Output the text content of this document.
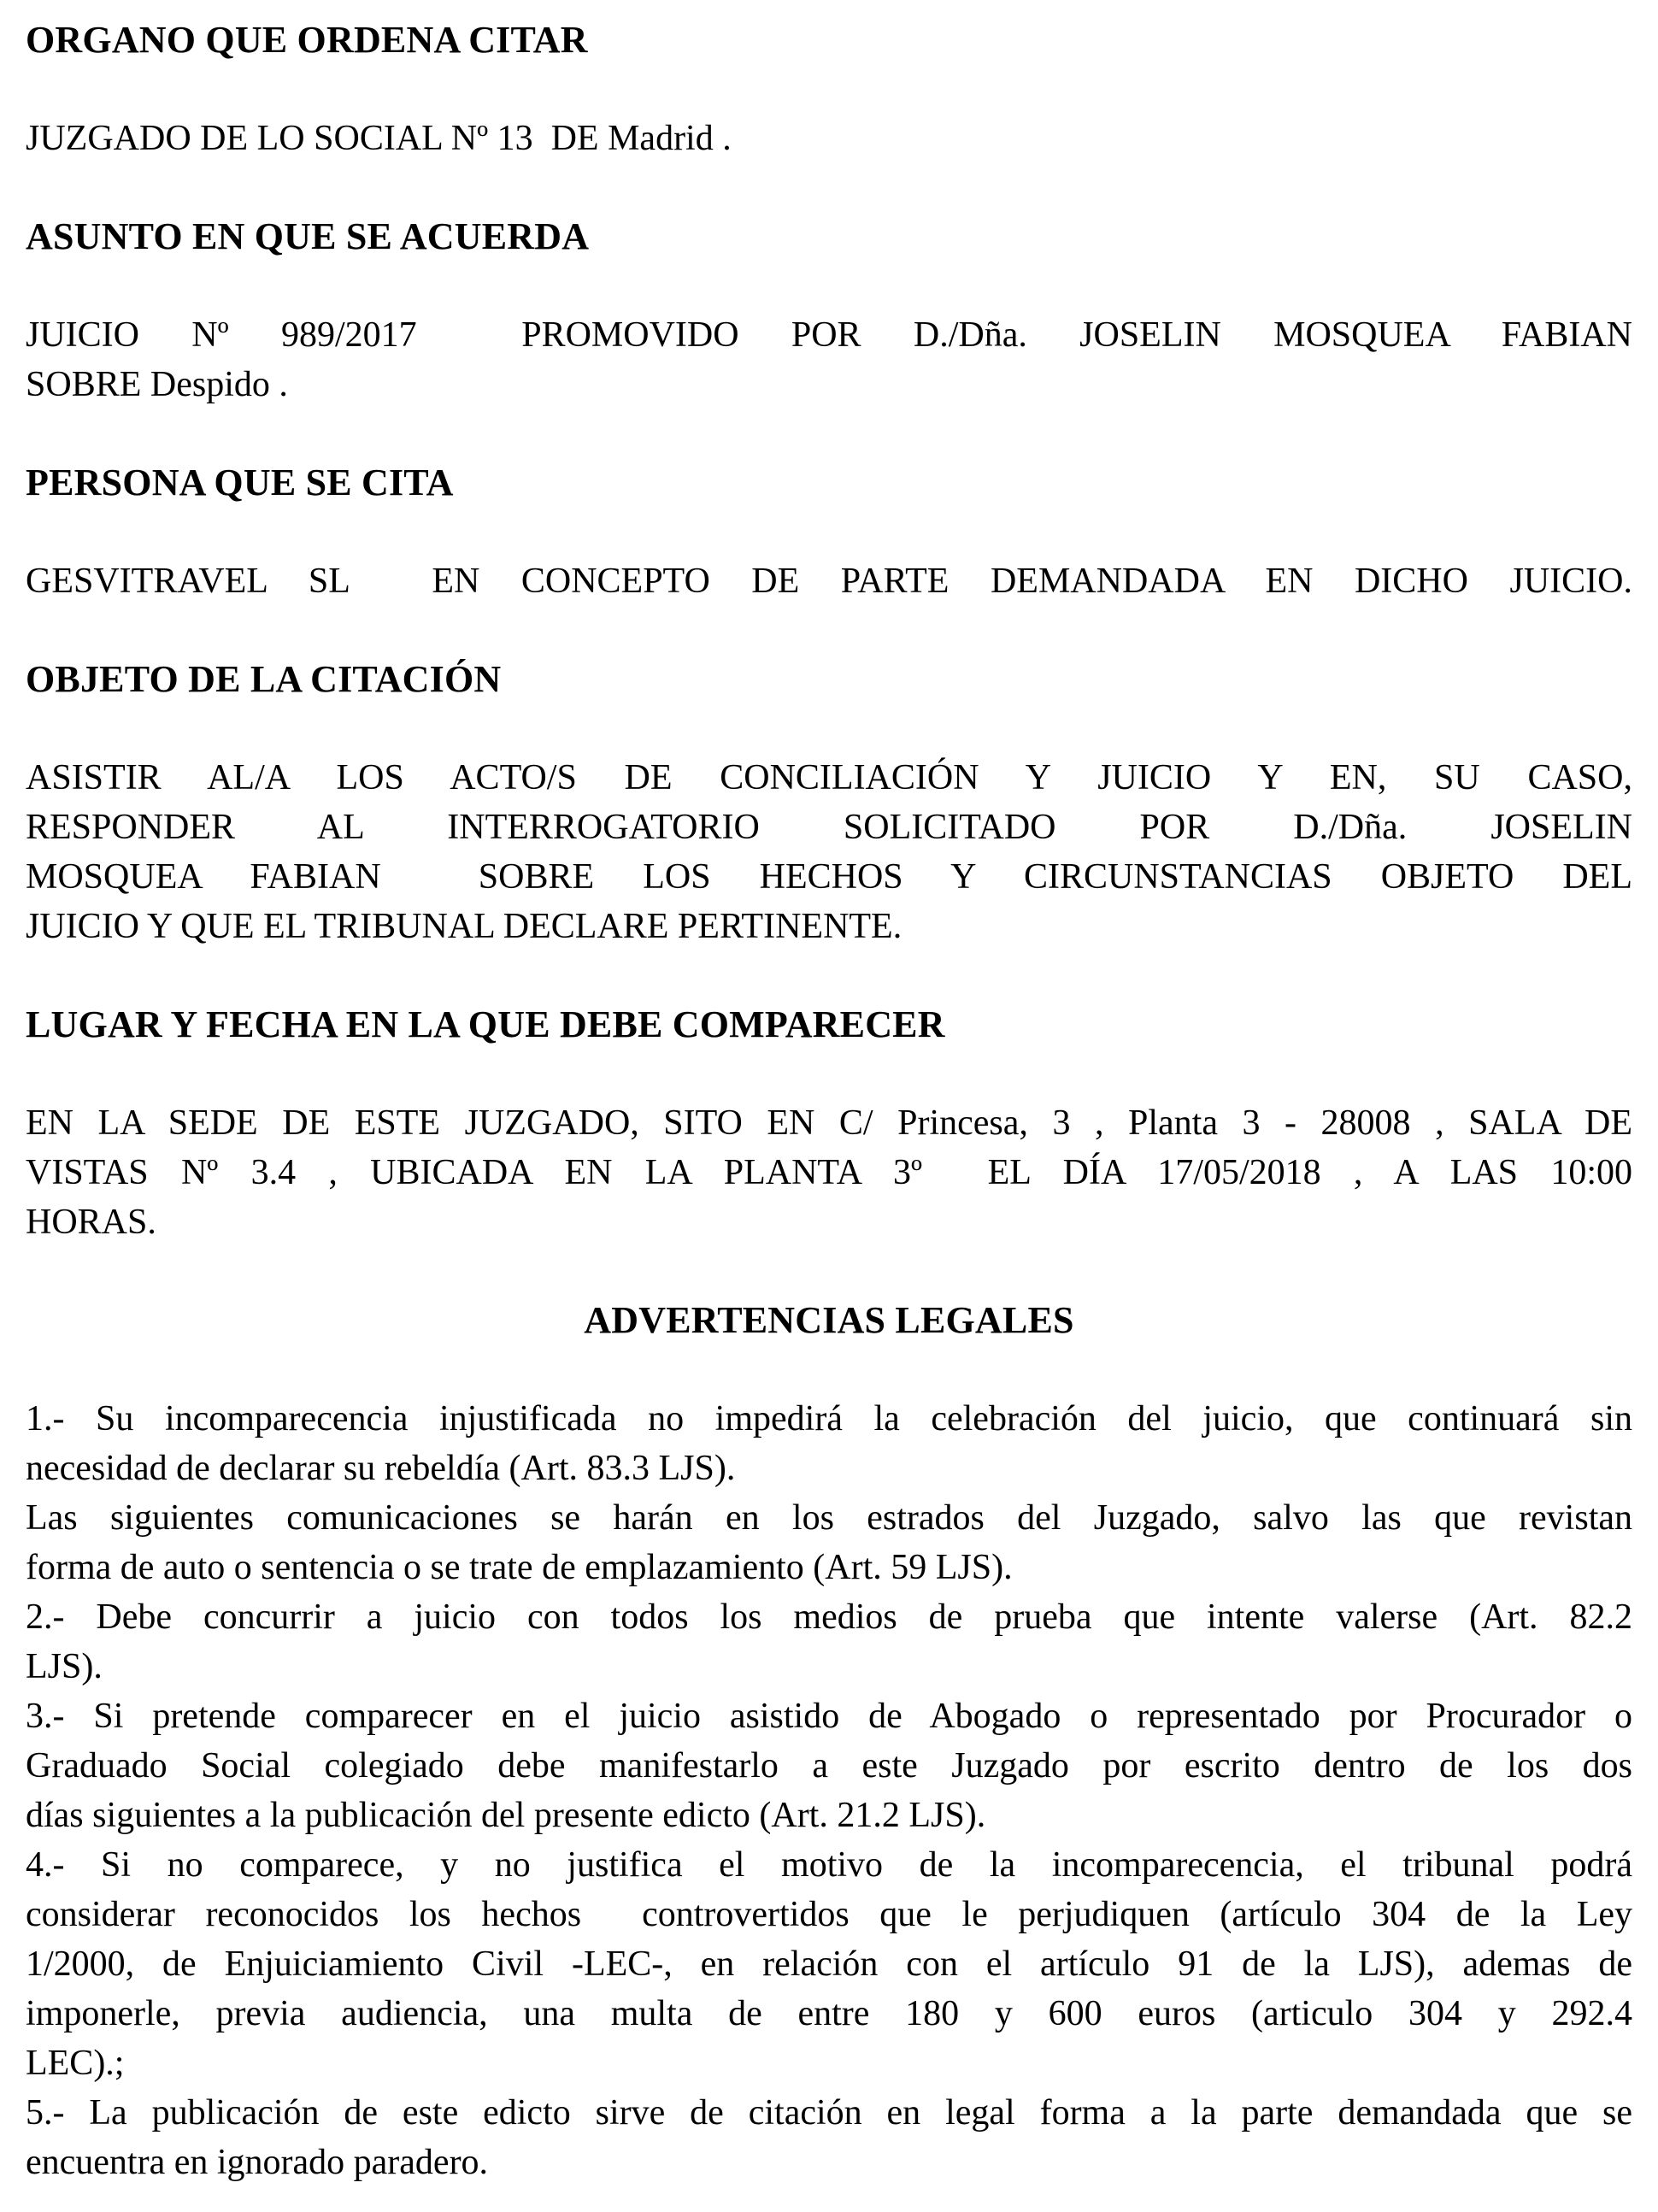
ORGANO QUE ORDENA CITAR
JUZGADO DE LO SOCIAL Nº 13  DE Madrid .
ASUNTO EN QUE SE ACUERDA
JUICIO Nº 989/2017  PROMOVIDO POR D./Dña. JOSELIN MOSQUEA FABIAN
SOBRE Despido .
PERSONA QUE SE CITA
GESVITRAVEL SL  EN CONCEPTO DE PARTE DEMANDADA EN DICHO JUICIO.
OBJETO DE LA CITACIÓN
ASISTIR AL/A LOS ACTO/S DE CONCILIACIÓN Y JUICIO Y EN, SU CASO,
RESPONDER AL INTERROGATORIO SOLICITADO POR D./Dña. JOSELIN
MOSQUEA FABIAN  SOBRE LOS HECHOS Y CIRCUNSTANCIAS OBJETO DEL
JUICIO Y QUE EL TRIBUNAL DECLARE PERTINENTE.
LUGAR Y FECHA EN LA QUE DEBE COMPARECER
EN LA SEDE DE ESTE JUZGADO, SITO EN C/ Princesa, 3 , Planta 3 - 28008 , SALA DE
VISTAS Nº 3.4 , UBICADA EN LA PLANTA 3º  EL DÍA 17/05/2018 , A LAS 10:00
HORAS.
ADVERTENCIAS LEGALES
1.- Su incomparecencia injustificada no impedirá la celebración del juicio, que continuará sin
necesidad de declarar su rebeldía (Art. 83.3 LJS).
Las siguientes comunicaciones se harán en los estrados del Juzgado, salvo las que revistan
forma de auto o sentencia o se trate de emplazamiento (Art. 59 LJS).
2.- Debe concurrir a juicio con todos los medios de prueba que intente valerse (Art. 82.2
LJS).
3.- Si pretende comparecer en el juicio asistido de Abogado o representado por Procurador o
Graduado Social colegiado debe manifestarlo a este Juzgado por escrito dentro de los dos
días siguientes a la publicación del presente edicto (Art. 21.2 LJS).
4.- Si no comparece, y no justifica el motivo de la incomparecencia, el tribunal podrá
considerar reconocidos los hechos  controvertidos que le perjudiquen (artículo 304 de la Ley
1/2000, de Enjuiciamiento Civil -LEC-, en relación con el artículo 91 de la LJS), ademas de
imponerle, previa audiencia, una multa de entre 180 y 600 euros (articulo 304 y 292.4
LEC).;
5.- La publicación de este edicto sirve de citación en legal forma a la parte demandada que se
encuentra en ignorado paradero.
